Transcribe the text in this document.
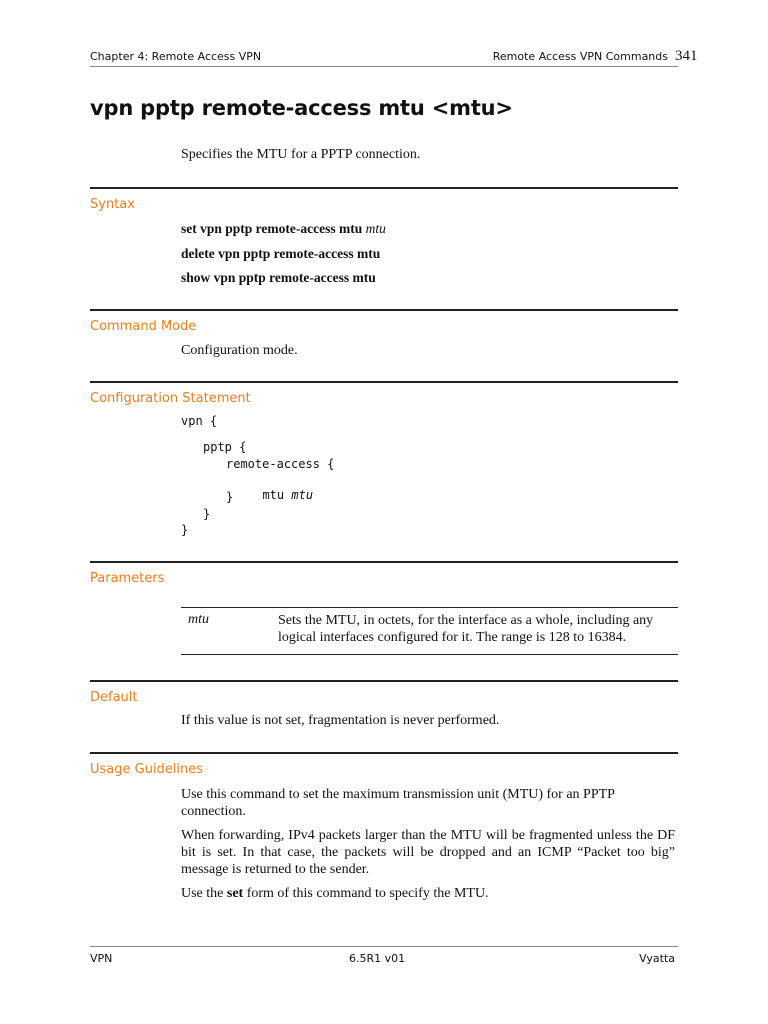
Chapter 4: Remote Access VPN	Remote Access VPN Commands 341
vpn pptp remote-access mtu <mtu>
Specifies the MTU for a PPTP connection.
Syntax
set vpn pptp remote-access mtu mtu
delete vpn pptp remote-access mtu
show vpn pptp remote-access mtu
Command Mode
Configuration mode.
Configuration Statement
vpn {
pptp {
remote-access {

mtu mtu

}
}
}
Parameters
mtu	Sets the MTU, in octets, for the interface as a whole, including any logical interfaces configured for it. The range is 128 to 16384.
Default
If this value is not set, fragmentation is never performed.
Usage Guidelines
Use this command to set the maximum transmission unit (MTU) for an PPTP connection.
When forwarding, IPv4 packets larger than the MTU will be fragmented unless the DF bit is set. In that case, the packets will be dropped and an ICMP “Packet too big” message is returned to the sender.
Use the set form of this command to specify the MTU.
VPN	6.5R1 v01	Vyatta
